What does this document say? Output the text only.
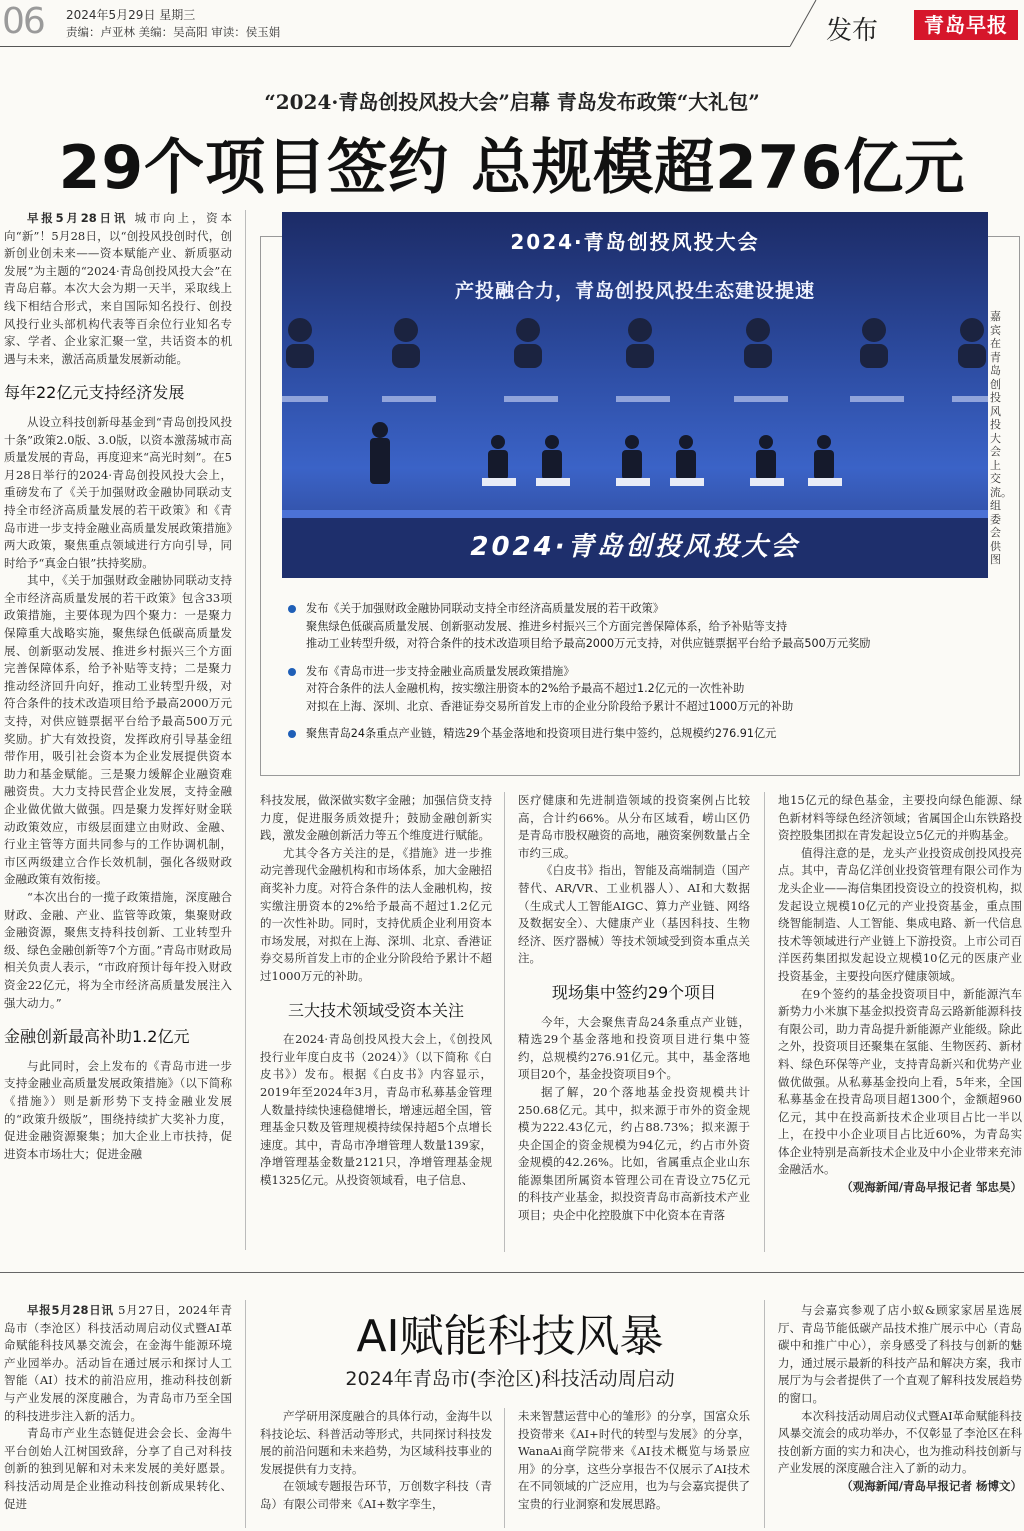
06 2024年5月29日 星期三
责编：卢亚林 美编：吴高阳 审读：侯玉娟	发布	青岛早报
“2024·青岛创投风投大会”启幕 青岛发布政策“大礼包”
29个项目签约 总规模超276亿元

早报5月28日讯 城市向上，资本向“新”！5月28日，以“创投风投创时代，创新创业创未来——资本赋能产业、新质驱动发展”为主题的“2024·青岛创投风投大会”在青岛启幕。本次大会为期一天半，采取线上线下相结合形式，来自国际知名投行、创投风投行业头部机构代表等百余位行业知名专家、学者、企业家汇聚一堂，共话资本的机遇与未来，激活高质量发展新动能。

每年22亿元支持经济发展

从设立科技创新母基金到“青岛创投风投十条”政策2.0版、3.0版，以资本激荡城市高质量发展的青岛，再度迎来“高光时刻”。在5月28日举行的2024·青岛创投风投大会上，重磅发布了《关于加强财政金融协同联动支持全市经济高质量发展的若干政策》和《青岛市进一步支持金融业高质量发展政策措施》两大政策，聚焦重点领域进行方向引导，同时给予“真金白银”扶持奖励。

其中，《关于加强财政金融协同联动支持全市经济高质量发展的若干政策》包含33项政策措施，主要体现为四个聚力：一是聚力保障重大战略实施，聚焦绿色低碳高质量发展、创新驱动发展、推进乡村振兴三个方面完善保障体系，给予补贴等支持；二是聚力推动经济回升向好，推动工业转型升级，对符合条件的技术改造项目给予最高2000万元支持，对供应链票据平台给予最高500万元奖励。扩大有效投资，发挥政府引导基金纽带作用，吸引社会资本为企业发展提供资本助力和基金赋能。三是聚力缓解企业融资难融资贵。大力支持民营企业发展，支持金融企业做优做大做强。四是聚力发挥好财金联动政策效应，市级层面建立由财政、金融、行业主管等方面共同参与的工作协调机制，市区两级建立合作长效机制，强化各级财政金融政策有效衔接。

“本次出台的一揽子政策措施，深度融合财政、金融、产业、监管等政策，集聚财政金融资源，聚焦支持科技创新、工业转型升级、绿色金融创新等7个方面。”青岛市财政局相关负责人表示，“市政府预计每年投入财政资金22亿元，将为全市经济高质量发展注入强大动力。”

金融创新最高补助1.2亿元

与此同时，会上发布的《青岛市进一步支持金融业高质量发展政策措施》（以下简称《措施》）则是新形势下支持金融业发展的“政策升级版”，围绕持续扩大奖补力度，促进金融资源聚集；加大企业上市扶持，促进资本市场壮大；促进金融

2024·青岛创投风投大会
产投融合力，青岛创投风投生态建设提速
2024·青岛创投风投大会
嘉宾在青岛创投风投大会上交流。组委会供图
发布《关于加强财政金融协同联动支持全市经济高质量发展的若干政策》
聚焦绿色低碳高质量发展、创新驱动发展、推进乡村振兴三个方面完善保障体系，给予补贴等支持
推动工业转型升级，对符合条件的技术改造项目给予最高2000万元支持，对供应链票据平台给予最高500万元奖励
发布《青岛市进一步支持金融业高质量发展政策措施》
对符合条件的法人金融机构，按实缴注册资本的2%给予最高不超过1.2亿元的一次性补助
对拟在上海、深圳、北京、香港证券交易所首发上市的企业分阶段给予累计不超过1000万元的补助
聚焦青岛24条重点产业链，精选29个基金落地和投资项目进行集中签约，总规模约276.91亿元

科技发展，做深做实数字金融；加强信贷支持力度，促进服务质效提升；鼓励金融创新实践，激发金融创新活力等五个维度进行赋能。

尤其令各方关注的是，《措施》进一步推动完善现代金融机构和市场体系，加大金融招商奖补力度。对符合条件的法人金融机构，按实缴注册资本的2%给予最高不超过1.2亿元的一次性补助。同时，支持优质企业利用资本市场发展，对拟在上海、深圳、北京、香港证券交易所首发上市的企业分阶段给予累计不超过1000万元的补助。

三大技术领域受资本关注

在2024·青岛创投风投大会上，《创投风投行业年度白皮书（2024）》（以下简称《白皮书》）发布。根据《白皮书》内容显示，2019年至2024年3月，青岛市私募基金管理人数量持续快速稳健增长，增速远超全国，管理基金只数及管理规模持续保持超5个点增长速度。其中，青岛市净增管理人数量139家，净增管理基金数量2121只，净增管理基金规模1325亿元。从投资领域看，电子信息、

医疗健康和先进制造领域的投资案例占比较高，合计约66%。从分布区域看，崂山区仍是青岛市股权融资的高地，融资案例数量占全市约三成。

《白皮书》指出，智能及高端制造（国产替代、AR/VR、工业机器人）、AI和大数据（生成式人工智能AIGC、算力产业链、网络及数据安全）、大健康产业（基因科技、生物经济、医疗器械）等技术领域受到资本重点关注。

现场集中签约29个项目

今年，大会聚焦青岛24条重点产业链，精选29个基金落地和投资项目进行集中签约，总规模约276.91亿元。其中，基金落地项目20个，基金投资项目9个。

据了解，20个落地基金投资规模共计250.68亿元。其中，拟来源于市外的资金规模为222.43亿元，约占88.73%；拟来源于央企国企的资金规模为94亿元，约占市外资金规模的42.26%。比如，省属重点企业山东能源集团所属资本管理公司在青设立75亿元的科技产业基金，拟投资青岛市高新技术产业项目；央企中化控股旗下中化资本在青落

地15亿元的绿色基金，主要投向绿色能源、绿色新材料等绿色经济领域；省属国企山东铁路投资控股集团拟在青发起设立5亿元的并购基金。

值得注意的是，龙头产业投资成创投风投亮点。其中，青岛亿洋创业投资管理有限公司作为龙头企业——海信集团投资设立的投资机构，拟发起设立规模10亿元的产业投资基金，重点围绕智能制造、人工智能、集成电路、新一代信息技术等领域进行产业链上下游投资。上市公司百洋医药集团拟发起设立规模10亿元的医康产业投资基金，主要投向医疗健康领域。

在9个签约的基金投资项目中，新能源汽车新势力小米旗下基金拟投资青岛云路新能源科技有限公司，助力青岛提升新能源产业能级。除此之外，投资项目还聚集在氢能、生物医药、新材料、绿色环保等产业，支持青岛新兴和优势产业做优做强。从私募基金投向上看，5年来，全国私募基金在投青岛项目超1300个，金额超960亿元，其中在投高新技术企业项目占比一半以上，在投中小企业项目占比近60%，为青岛实体企业特别是高新技术企业及中小企业带来充沛金融活水。

（观海新闻/青岛早报记者 邹忠昊）
AI赋能科技风暴
2024年青岛市(李沧区)科技活动周启动

早报5月28日讯 5月27日，2024年青岛市（李沧区）科技活动周启动仪式暨AI革命赋能科技风暴交流会，在金海牛能源环境产业园举办。活动旨在通过展示和探讨人工智能（AI）技术的前沿应用，推动科技创新与产业发展的深度融合，为青岛市乃至全国的科技进步注入新的活力。

青岛市产业生态链促进会会长、金海牛平台创始人江树国致辞，分享了自己对科技创新的独到见解和对未来发展的美好愿景。科技活动周是企业推动科技创新成果转化、促进

产学研用深度融合的具体行动，金海牛以科技论坛、科普活动等形式，共同探讨科技发展的前沿问题和未来趋势，为区域科技事业的发展提供有力支持。

在领域专题报告环节，万创数字科技（青岛）有限公司带来《AI+数字孪生，

未来智慧运营中心的雏形》的分享，国富众乐投资带来《AI+时代的转型与发展》的分享，WanaAi商学院带来《AI技术概览与场景应用》的分享，这些分享报告不仅展示了AI技术在不同领域的广泛应用，也为与会嘉宾提供了宝贵的行业洞察和发展思路。

与会嘉宾参观了店小蚁&顾家家居星选展厅、青岛节能低碳产品技术推广展示中心（青岛碳中和推广中心），亲身感受了科技与创新的魅力，通过展示最新的科技产品和解决方案，我市展厅为与会者提供了一个直观了解科技发展趋势的窗口。

本次科技活动周启动仪式暨AI革命赋能科技风暴交流会的成功举办，不仅彰显了李沧区在科技创新方面的实力和决心，也为推动科技创新与产业发展的深度融合注入了新的动力。

（观海新闻/青岛早报记者 杨博文）
